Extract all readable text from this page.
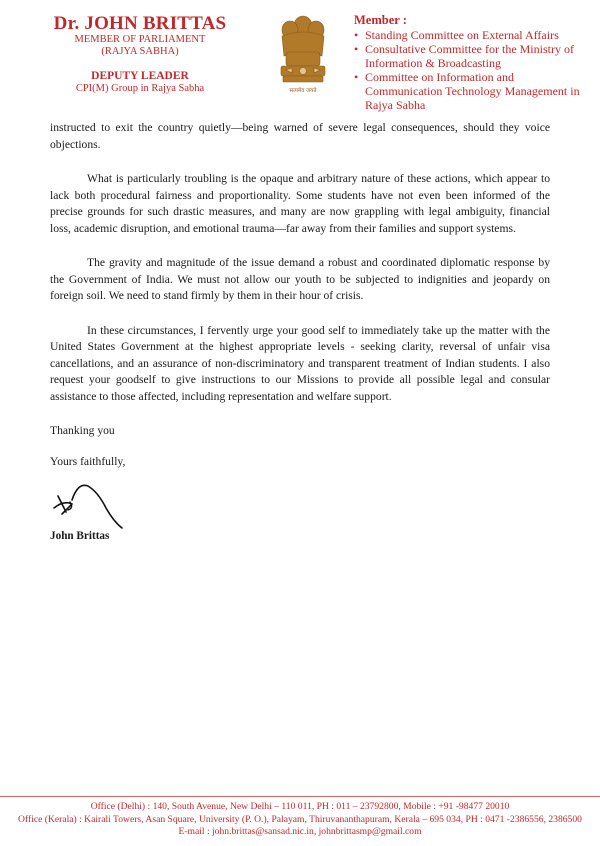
Dr. JOHN BRITTAS
MEMBER OF PARLIAMENT
(RAJYA SABHA)
DEPUTY LEADER
CPI(M) Group in Rajya Sabha	सत्यमेव जयते
Member :
• Standing Committee on External Affairs
• Consultative Committee for the Ministry of Information & Broadcasting
• Committee on Information and Communication Technology Management in Rajya Sabha

instructed to exit the country quietly—being warned of severe legal consequences, should they voice objections.

What is particularly troubling is the opaque and arbitrary nature of these actions, which appear to lack both procedural fairness and proportionality. Some students have not even been informed of the precise grounds for such drastic measures, and many are now grappling with legal ambiguity, financial loss, academic disruption, and emotional trauma—far away from their families and support systems.

The gravity and magnitude of the issue demand a robust and coordinated diplomatic response by the Government of India. We must not allow our youth to be subjected to indignities and jeopardy on foreign soil. We need to stand firmly by them in their hour of crisis.

In these circumstances, I fervently urge your good self to immediately take up the matter with the United States Government at the highest appropriate levels - seeking clarity, reversal of unfair visa cancellations, and an assurance of non-discriminatory and transparent treatment of Indian students. I also request your goodself to give instructions to our Missions to provide all possible legal and consular assistance to those affected, including representation and welfare support.

Thanking you

Yours faithfully,

John Brittas
Office (Delhi) : 140, South Avenue, New Delhi – 110 011, PH : 011 – 23792800, Mobile : +91 -98477 20010
Office (Kerala) : Kairali Towers, Asan Square, University (P. O.), Palayam, Thiruvananthapuram, Kerala – 695 034, PH : 0471 -2386556, 2386500
E-mail : john.brittas@sansad.nic.in, johnbrittasmp@gmail.com
